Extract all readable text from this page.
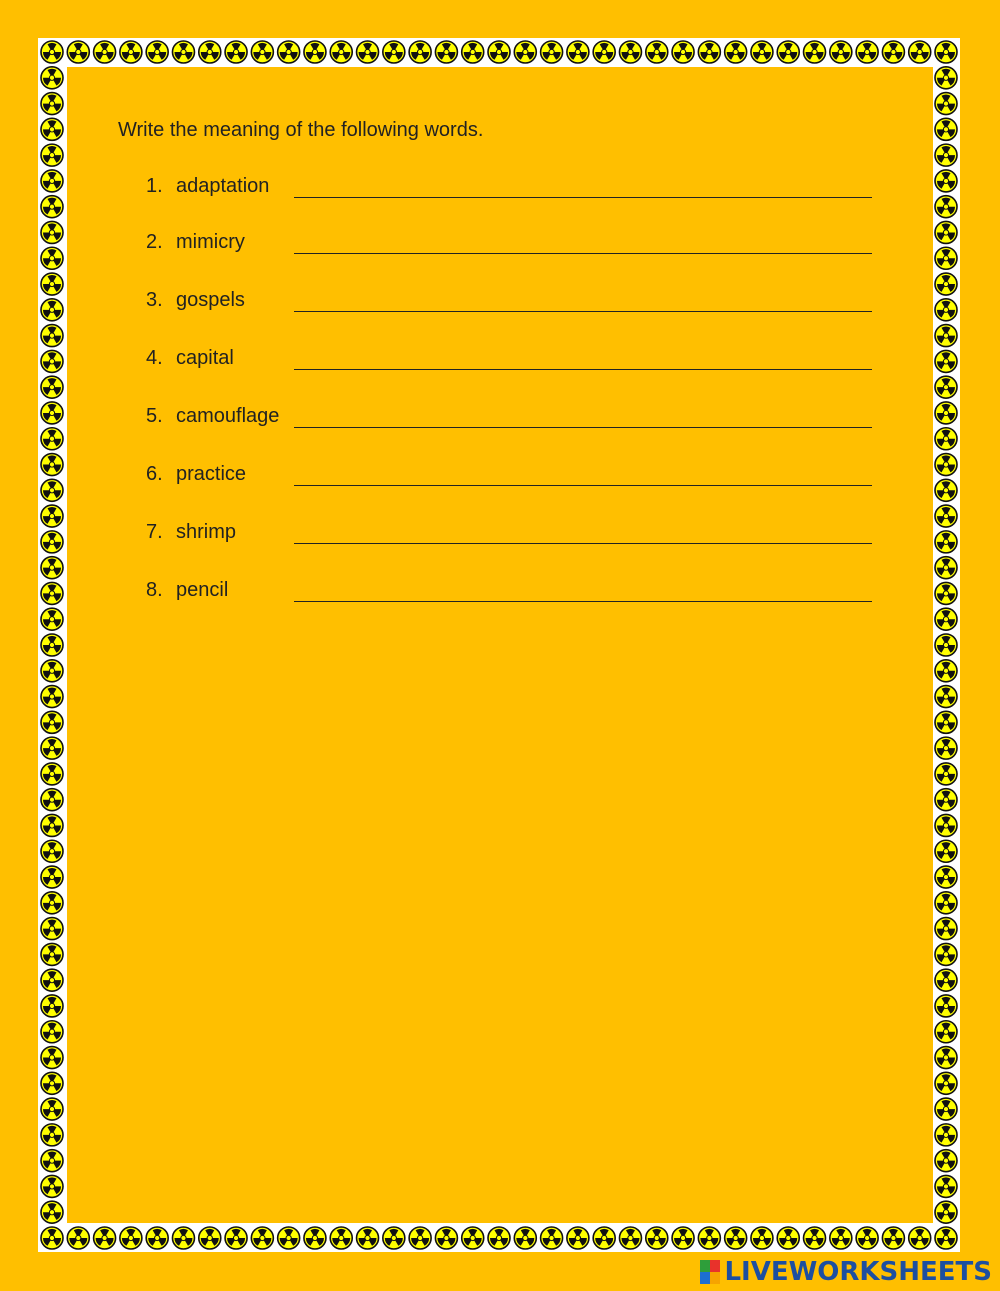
Write the meaning of the following words.
1. adaptation
2. mimicry
3. gospels
4. capital
5. camouflage
6. practice
7. shrimp
8. pencil
LIVEWORKSHEETS
